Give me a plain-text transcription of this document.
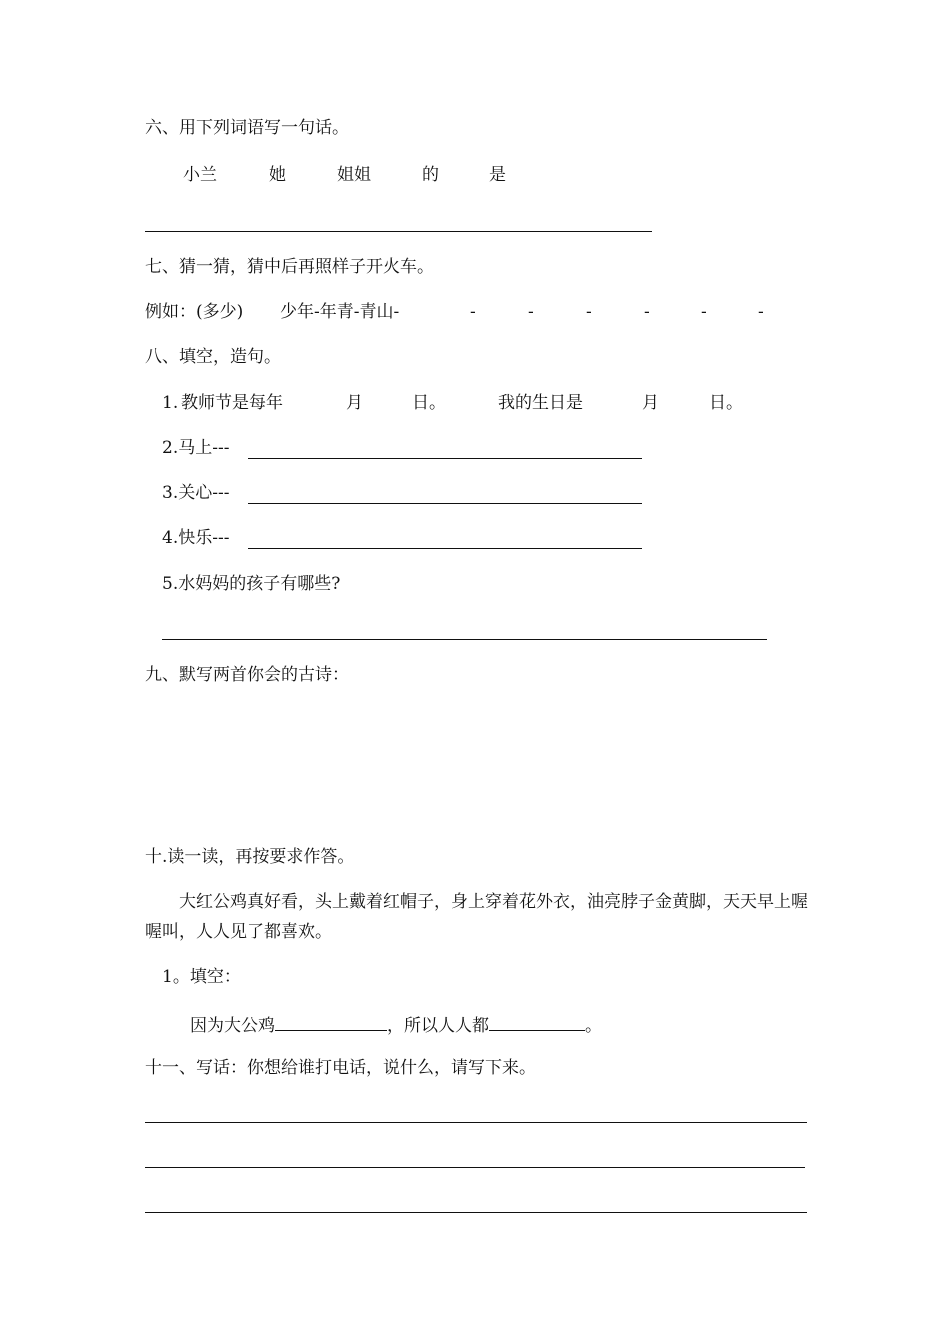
六、用下列词语写一句话。
小兰	她	姐姐	的	是
七、猜一猜，猜中后再照样子开火车。
例如：(多少) 少年-年青-青山-	-	-	-	-	-	-
八、填空，造句。
1. 教师节是每年	月	日。	我的生日是	月	日。
2.马上---
3.关心---
4.快乐---
5.水妈妈的孩子有哪些?
九、默写两首你会的古诗：
十.读一读，再按要求作答。
大红公鸡真好看，头上戴着红帽子，身上穿着花外衣，油亮脖子金黄脚，天天早上喔喔叫，人人见了都喜欢。
1。填空：
因为大公鸡	，所以人人都	。
十一、写话：你想给谁打电话，说什么，请写下来。
